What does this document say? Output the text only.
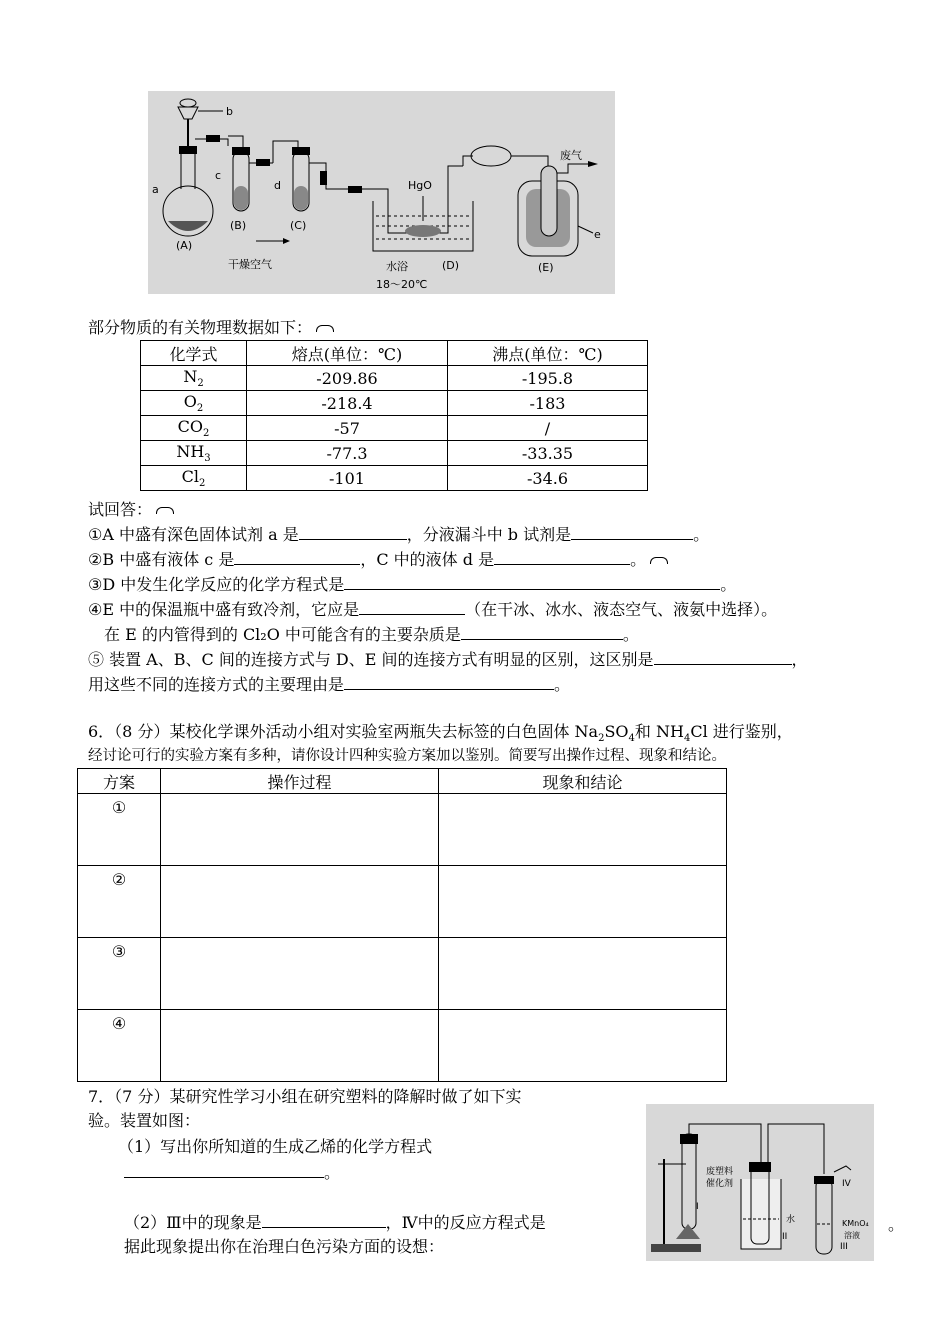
b
a
c
d	HgO
废气
e
(A)
(B)	(C)
(D)	(E)
干燥空气	水浴
18～20℃
部分物质的有关物理数据如下：
化学式	熔点(单位：℃)	沸点(单位：℃)
$N_2$	-209.86	-195.8
$O_2$	-218.4	-183
$CO_2$	-57	/
$NH_3$	-77.3	-33.35
$Cl_2$	-101	-34.6
试回答：
①A 中盛有深色固体试剂 a 是	，分液漏斗中 b 试剂是	。
②B 中盛有液体 c 是	，C 中的液体 d 是	。
③D 中发生化学反应的化学方程式是	。
④E 中的保温瓶中盛有致冷剂，它应是	（在干冰、冰水、液态空气、液氨中选择）。
在 E 的内管得到的 Cl₂O 中可能含有的主要杂质是	。
⑤ 装置 A、B、C 间的连接方式与 D、E 间的连接方式有明显的区别，这区别是	，
用这些不同的连接方式的主要理由是	。
6．（8 分）某校化学课外活动小组对实验室两瓶失去标签的白色固体 $Na_2SO_4$和 $NH_4Cl$ 进行鉴别，
经讨论可行的实验方案有多种，请你设计四种实验方案加以鉴别。简要写出操作过程、现象和结论。
方案	操作过程	现象和结论
①		
②		
③		
④		
7．（7 分）某研究性学习小组在研究塑料的降解时做了如下实
验。装置如图：
（1）写出你所知道的生成乙烯的化学方程式
。
（2）Ⅲ中的现象是	，Ⅳ中的反应方程式是	。
据此现象提出你在治理白色污染方面的设想：
废塑料
催化剂
I
水
II
IV
KMnO₄
溶液
III
